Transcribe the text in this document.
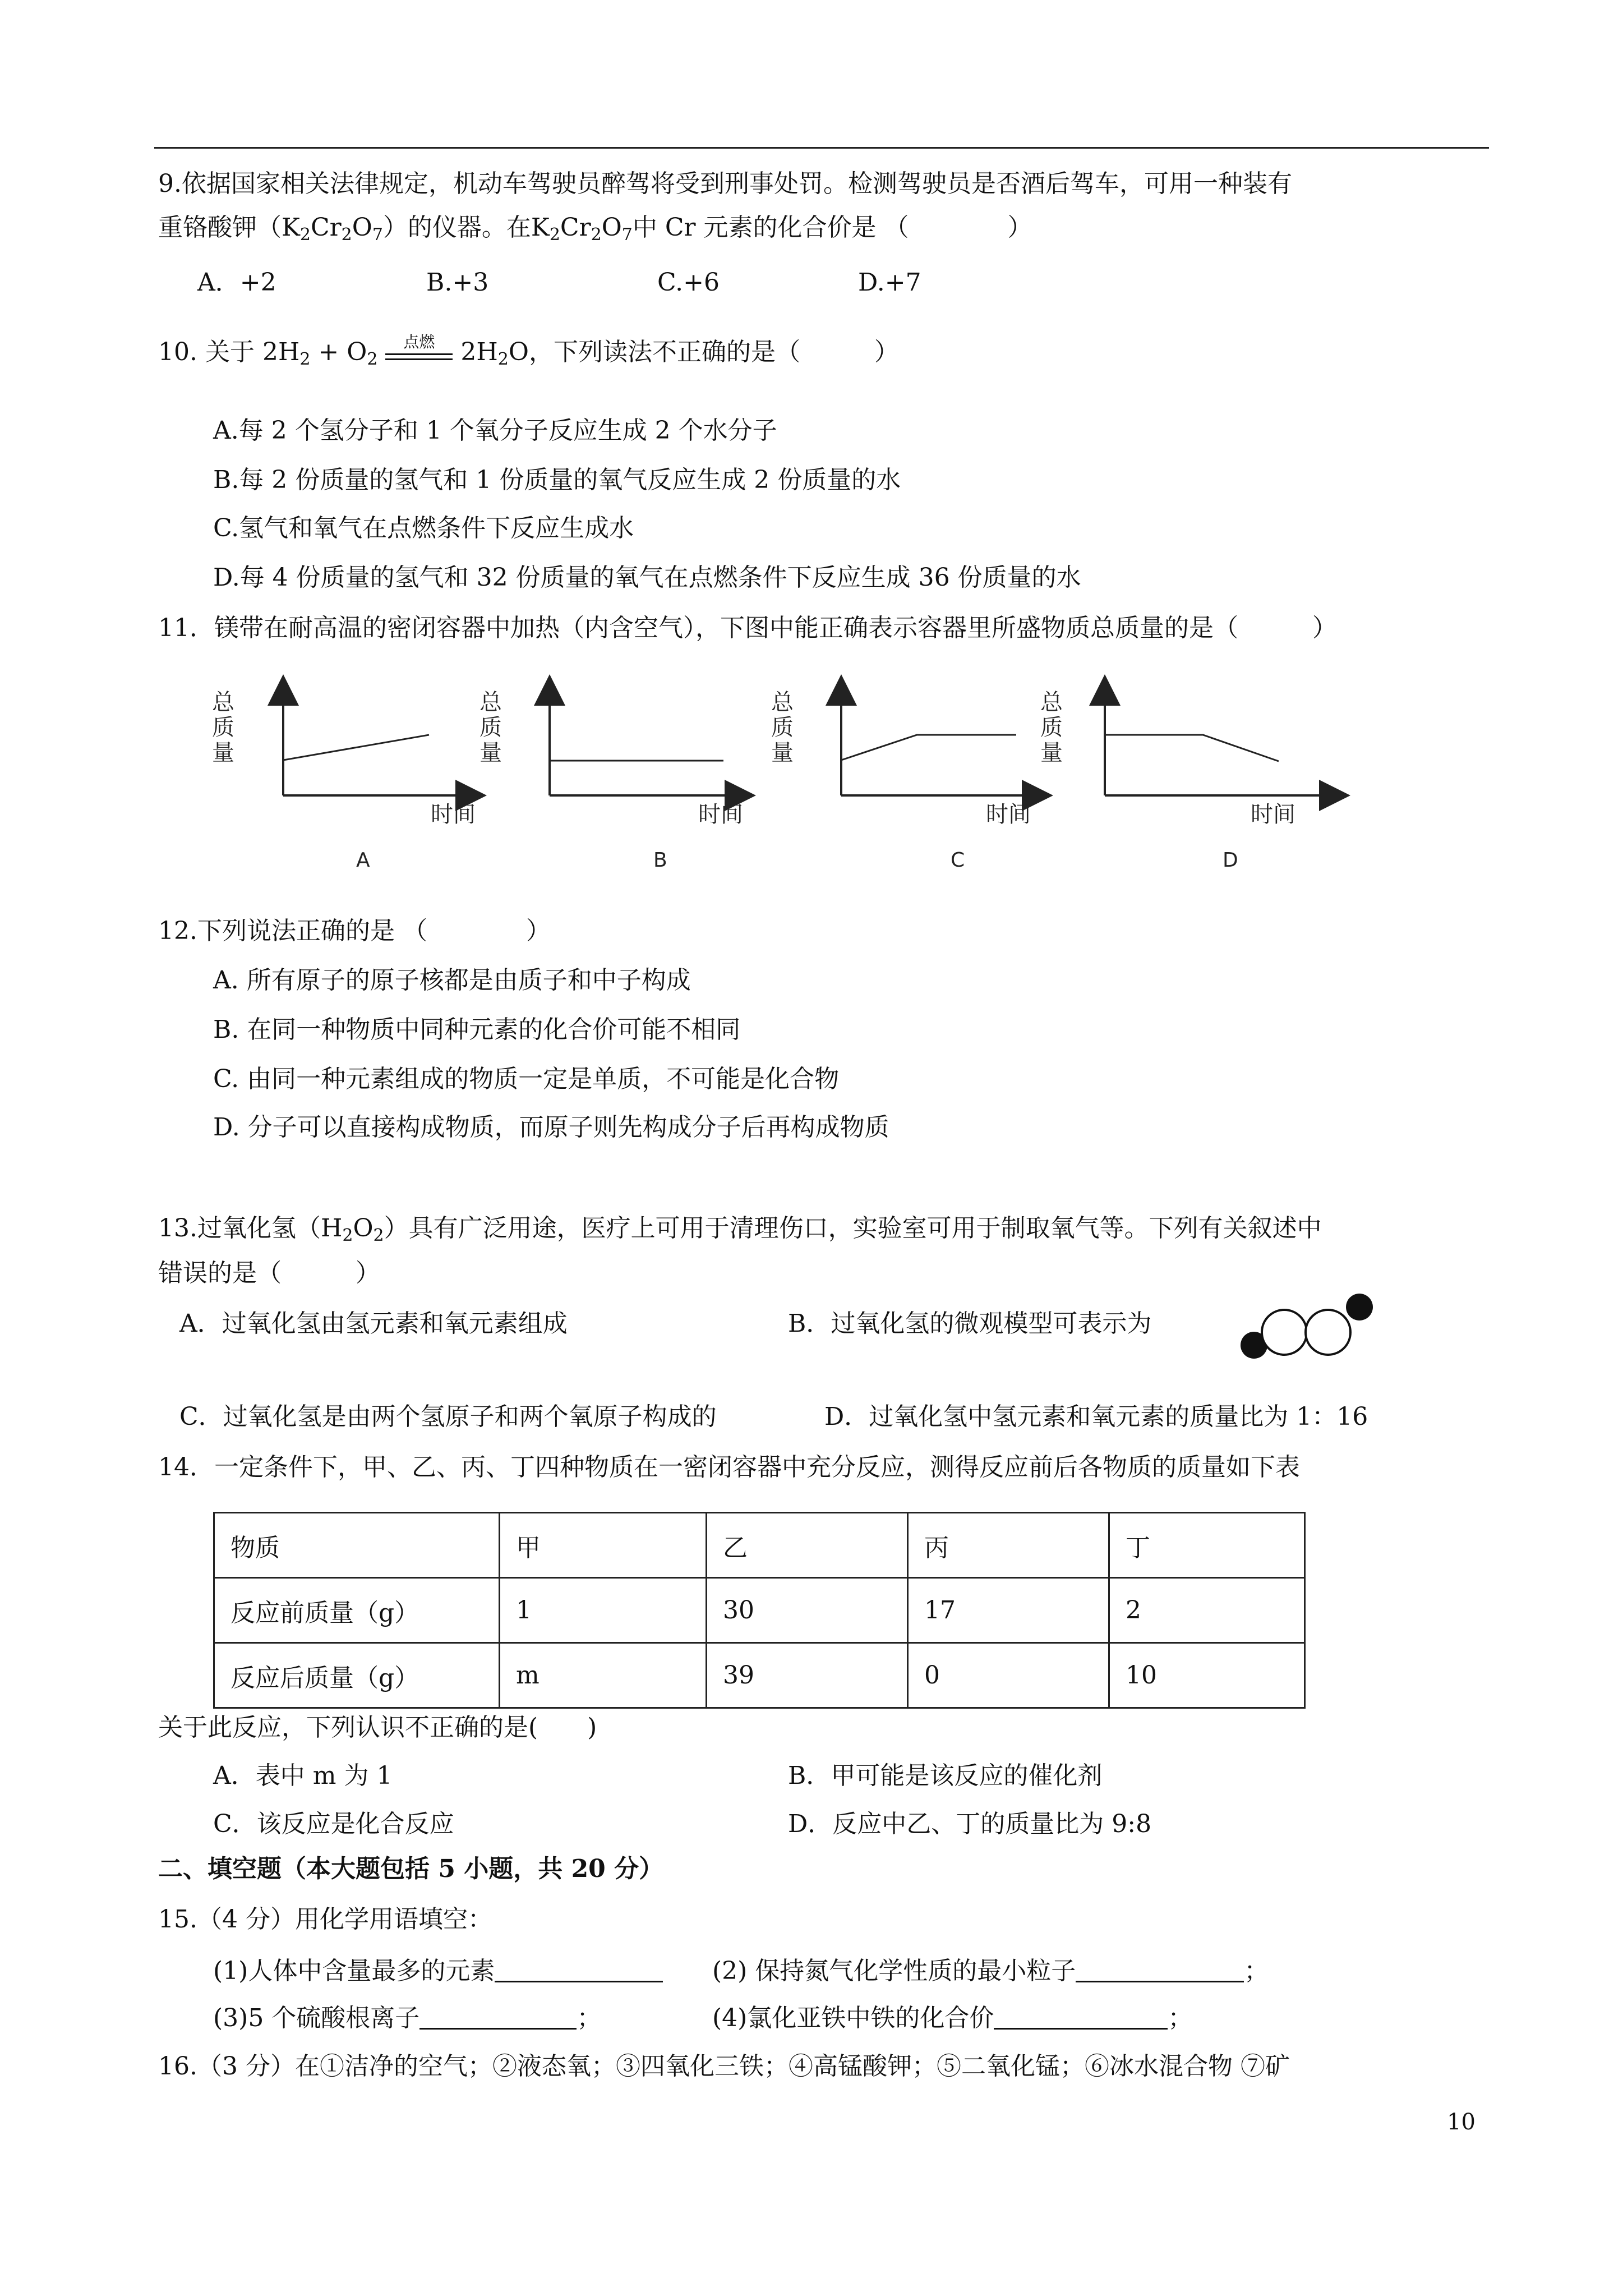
9.依据国家相关法律规定，机动车驾驶员醉驾将受到刑事处罚。检测驾驶员是否酒后驾车，可用一种装有
重铬酸钾$(K_2Cr_2O_7)$的仪器。在$K_2Cr_2O_7$中 Cr 元素的化合价是 （　　　　）
A．+2	B.+3	C.+6	D.+7
10. 关于 $2H_2 + O_2$
点燃	$2H_2O$，下列读法不正确的是（　　　）
A.每 2 个氢分子和 1 个氧分子反应生成 2 个水分子
B.每 2 份质量的氢气和 1 份质量的氧气反应生成 2 份质量的水
C.氢气和氧气在点燃条件下反应生成水
D.每 4 份质量的氢气和 32 份质量的氧气在点燃条件下反应生成 36 份质量的水
11．镁带在耐高温的密闭容器中加热（内含空气），下图中能正确表示容器里所盛物质总质量的是（　　　）
总
质
量
时间
A
总
质
量
时间
B
总
质
量
时间
C
总
质
量
时间
D
12.下列说法正确的是 （　　　　）
A. 所有原子的原子核都是由质子和中子构成
B. 在同一种物质中同种元素的化合价可能不相同
C. 由同一种元素组成的物质一定是单质，不可能是化合物
D. 分子可以直接构成物质，而原子则先构成分子后再构成物质
13.过氧化氢$(H_2O_2)$具有广泛用途，医疗上可用于清理伤口，实验室可用于制取氧气等。下列有关叙述中
错误的是（　　　）
A．过氧化氢由氢元素和氧元素组成	B．过氧化氢的微观模型可表示为
C．过氧化氢是由两个氢原子和两个氧原子构成的	D．过氧化氢中氢元素和氧元素的质量比为 1：16
14．一定条件下，甲、乙、丙、丁四种物质在一密闭容器中充分反应，测得反应前后各物质的质量如下表
物质	甲	乙	丙	丁
反应前质量（g）	1	30	17	2
反应后质量（g）	m	39	0	10
关于此反应，下列认识不正确的是(　　)
A．表中 m 为 1	B．甲可能是该反应的催化剂
C．该反应是化合反应	D．反应中乙、丁的质量比为 9:8
二、填空题（本大题包括 5 小题，共 20 分）
15.（4 分）用化学用语填空：
(1)人体中含量最多的元素	(2) 保持氮气化学性质的最小粒子	；
(3)5 个硫酸根离子	；	(4)氯化亚铁中铁的化合价	；
16.（3 分）在①洁净的空气；②液态氧；③四氧化三铁；④高锰酸钾；⑤二氧化锰；⑥冰水混合物 ⑦矿
10
